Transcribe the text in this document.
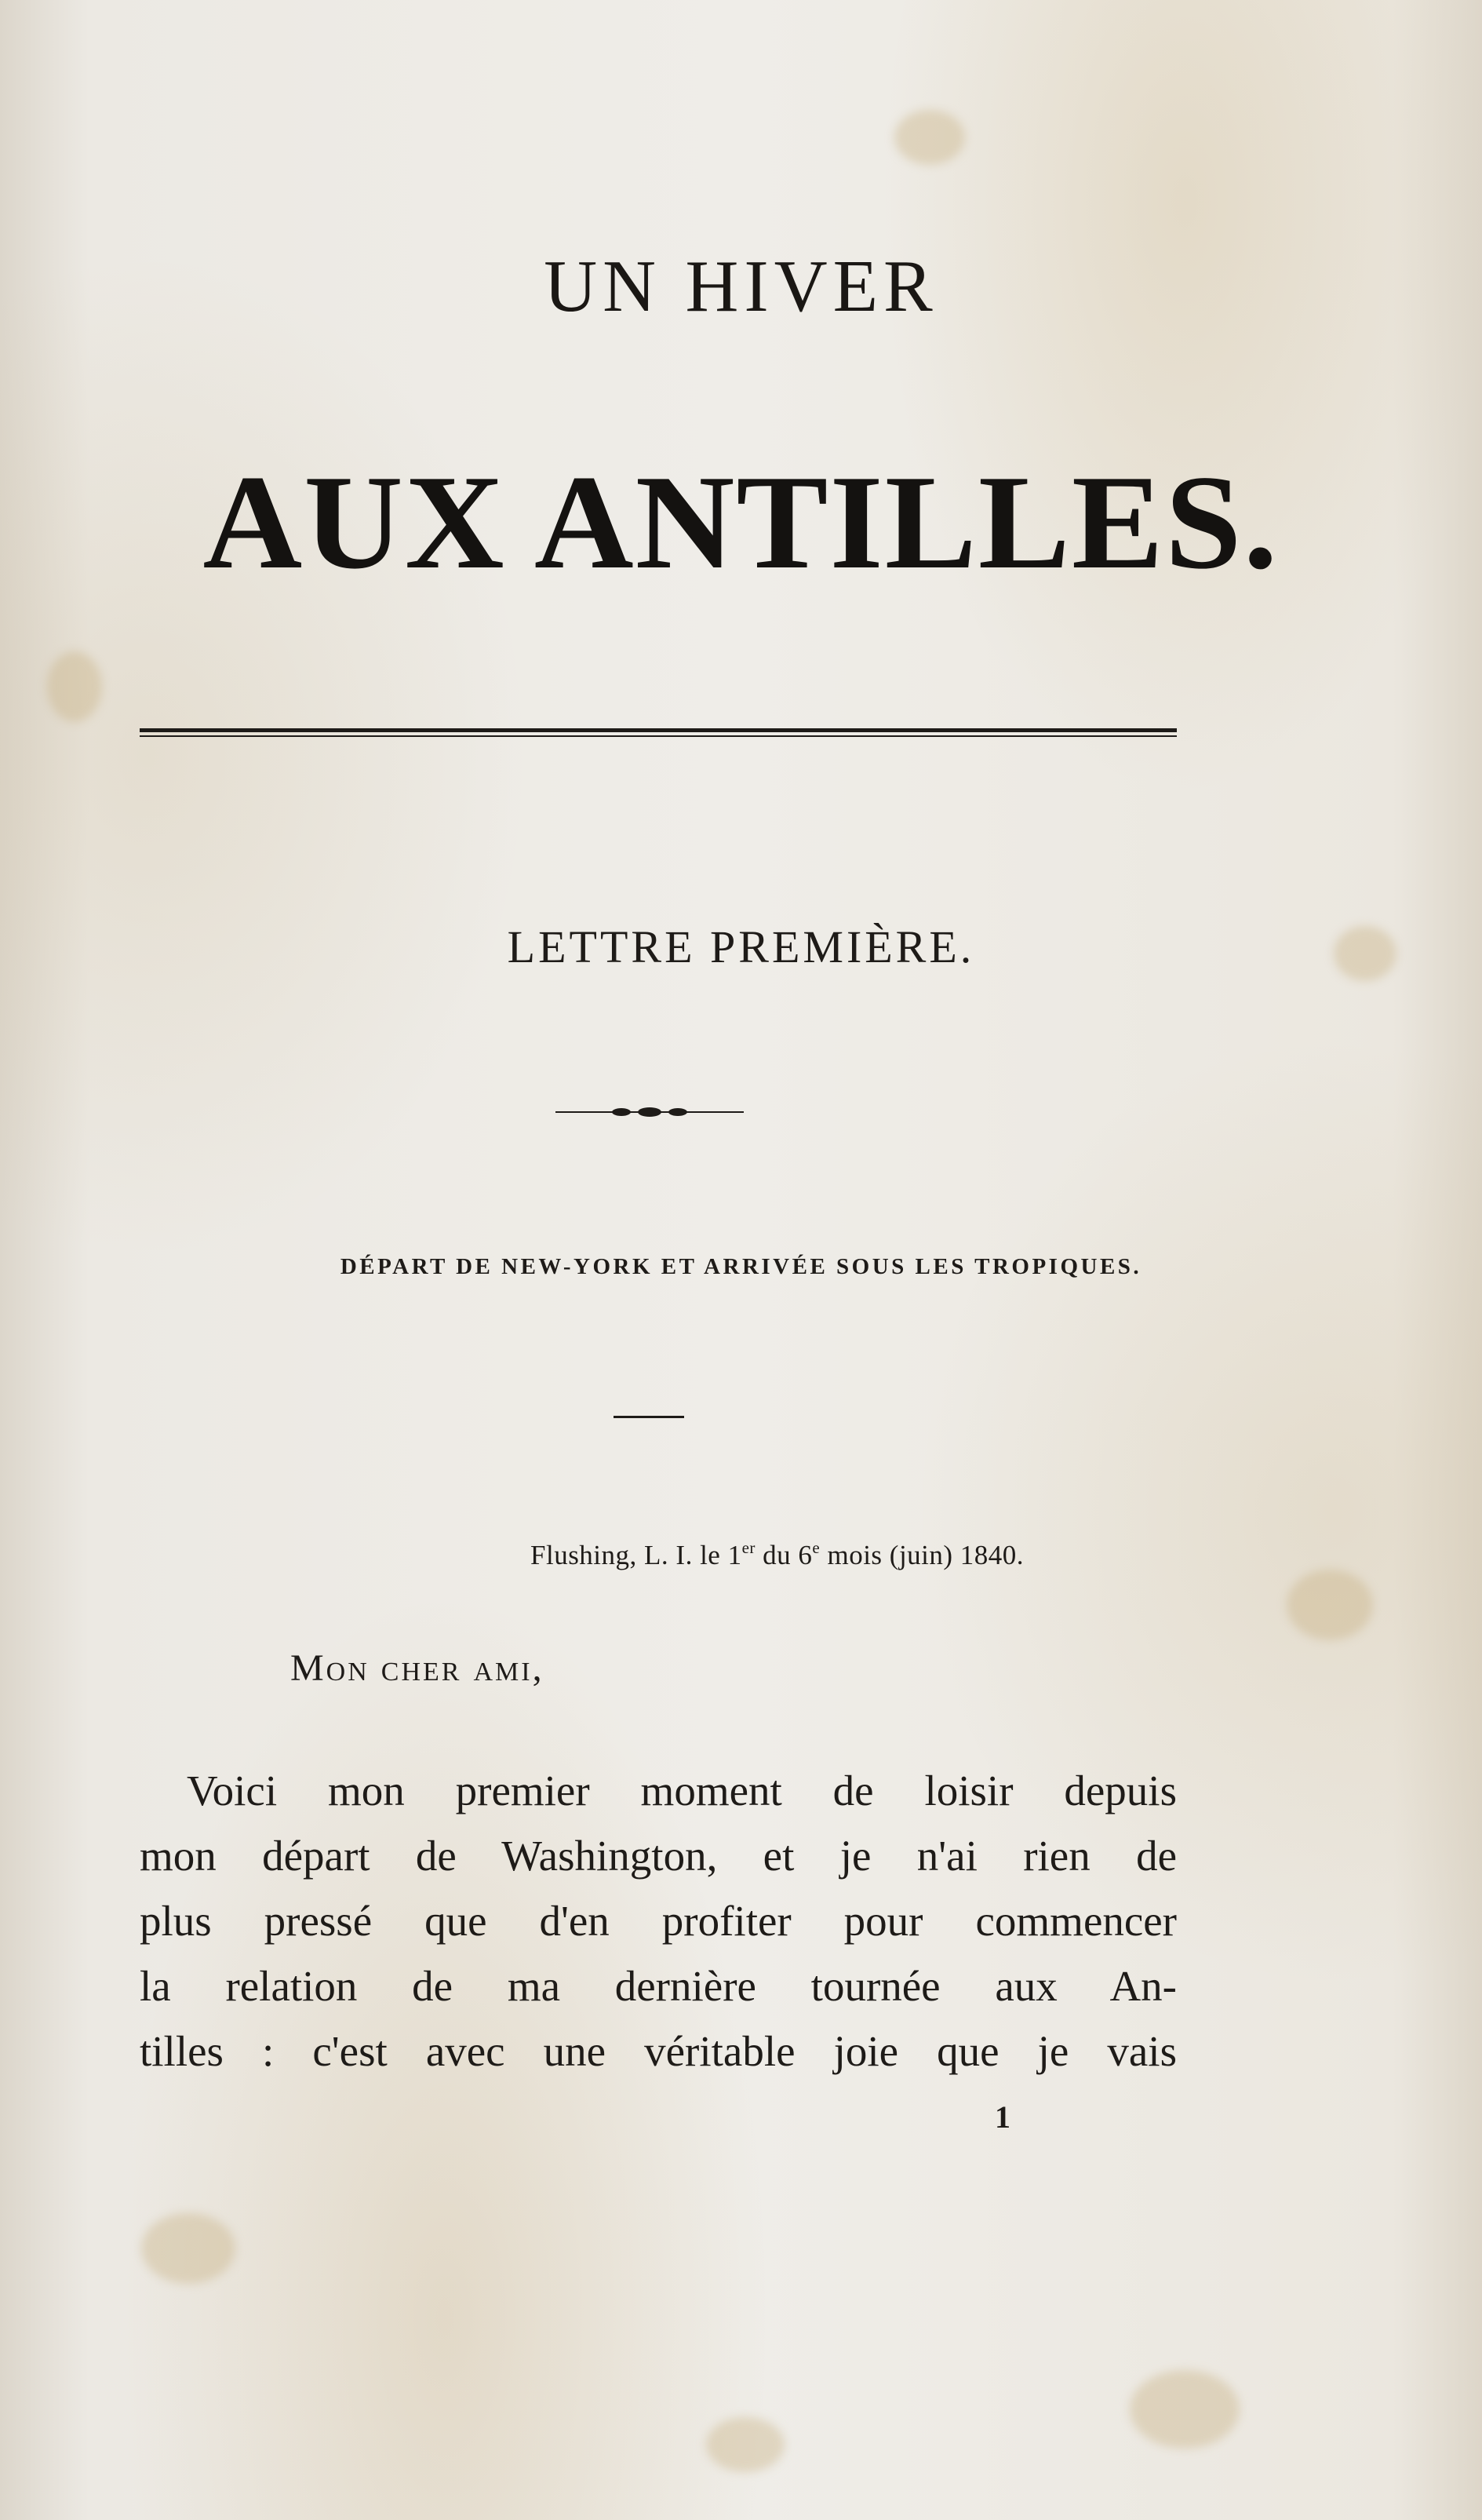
UN HIVER
AUX ANTILLES.
LETTRE PREMIÈRE.
DÉPART DE NEW-YORK ET ARRIVÉE SOUS LES TROPIQUES.
Flushing, L. I. le 1er du 6e mois (juin) 1840.
Mon cher ami,
Voici mon premier moment de loisir depuis
mon départ de Washington, et je n'ai rien de
plus pressé que d'en profiter pour commencer
la relation de ma dernière tournée aux An-
tilles : c'est avec une véritable joie que je vais
1
